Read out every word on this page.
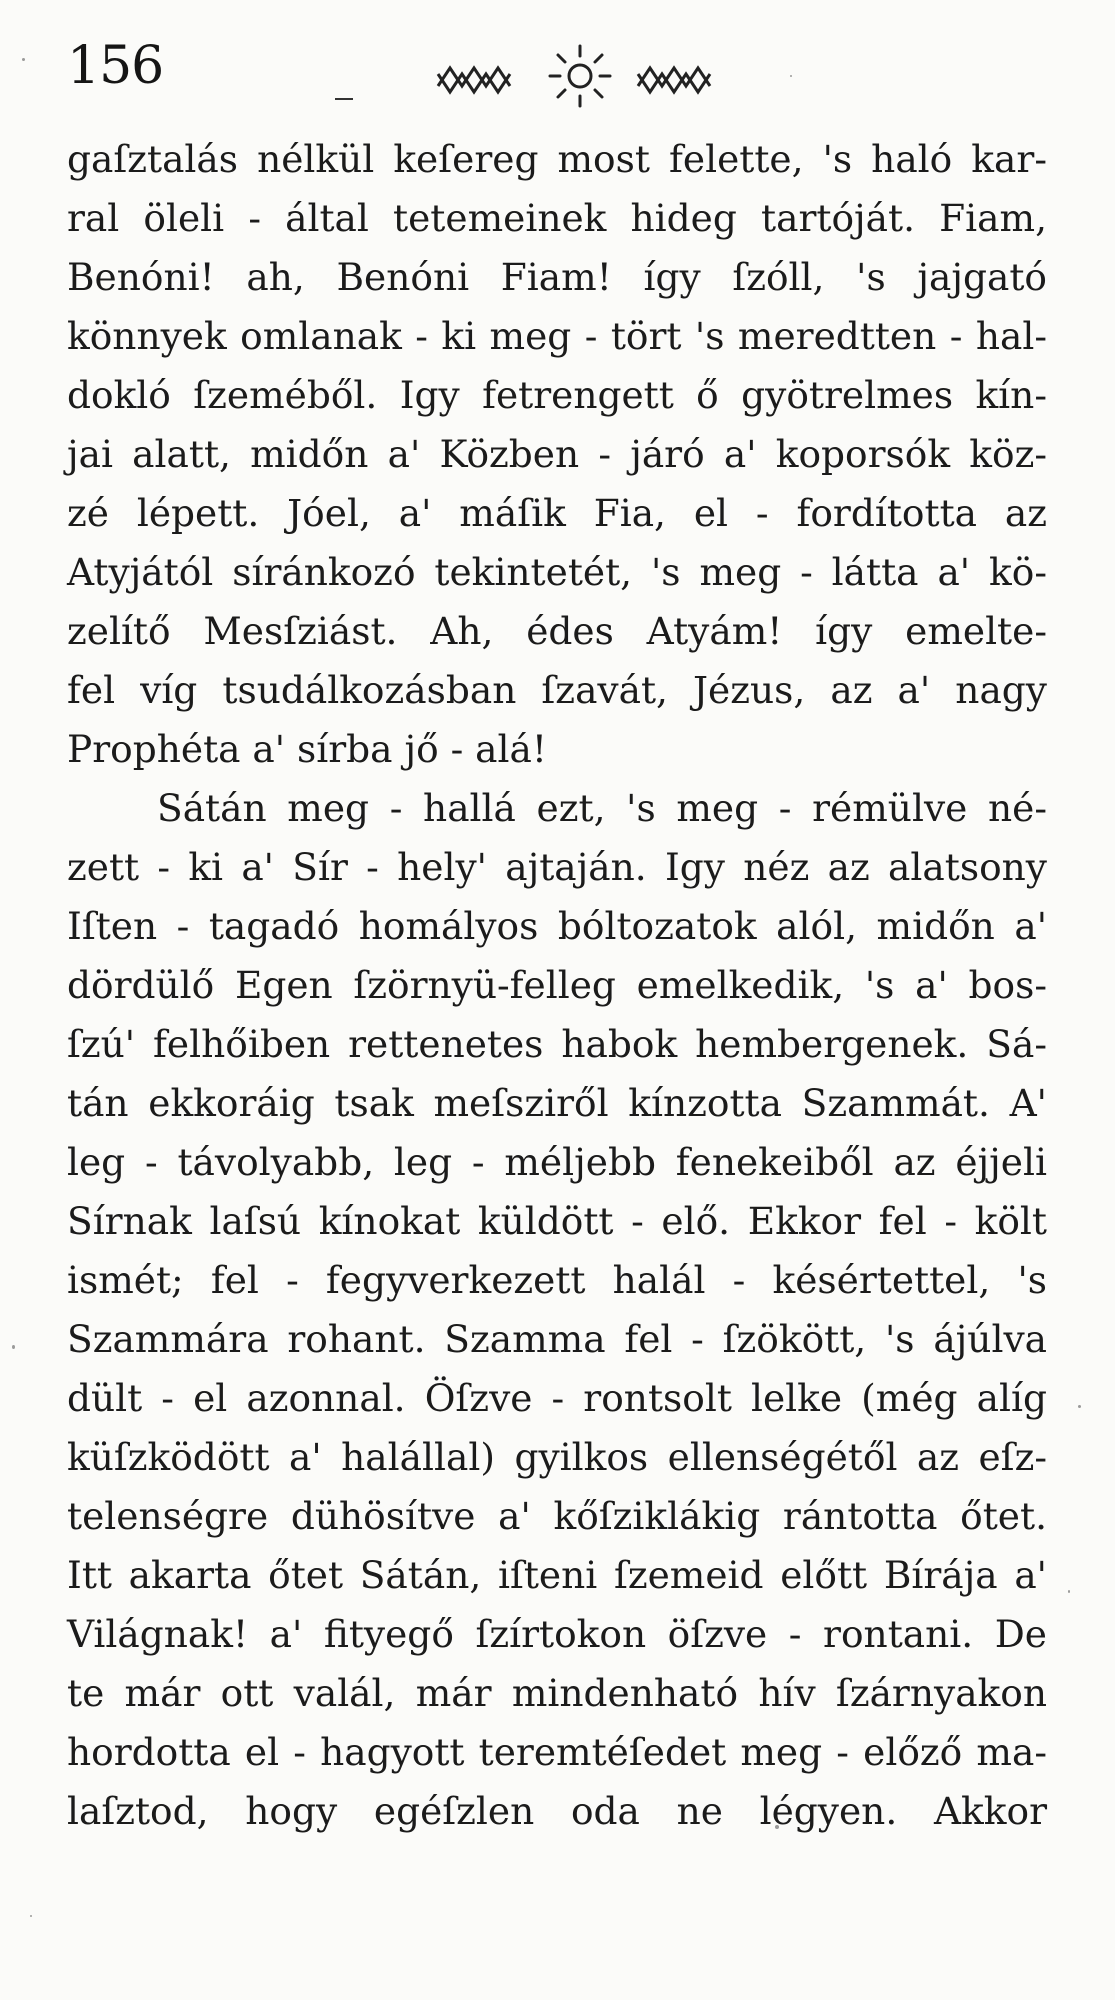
156
gaſztalás nélkül keſereg most felette, 's haló kar-
ral öleli - által tetemeinek hideg tartóját. Fiam,
Benóni! ah, Benóni Fiam! így ſzóll, 's jajgató
könnyek omlanak - ki meg - tört 's meredtten - hal-
dokló ſzeméből. Igy fetrengett ő gyötrelmes kín-
jai alatt, midőn a' Közben - járó a' koporsók köz-
zé lépett. Jóel, a' máſik Fia, el - fordította az
Atyjától síránkozó tekintetét, 's meg - látta a' kö-
zelítő Mesſziást. Ah, édes Atyám! így emelte-
fel víg tsudálkozásban ſzavát, Jézus, az a' nagy
Prophéta a' sírba jő - alá!
Sátán meg - hallá ezt, 's meg - rémülve né-
zett - ki a' Sír - hely' ajtaján. Igy néz az alatsony
Iſten - tagadó homályos bóltozatok alól, midőn a'
dördülő Egen ſzörnyü-felleg emelkedik, 's a' bos-
ſzú' felhőiben rettenetes habok hembergenek. Sá-
tán ekkoráig tsak meſsziről kínzotta Szammát. A'
leg - távolyabb, leg - méljebb fenekeiből az éjjeli
Sírnak laſsú kínokat küldött - elő. Ekkor fel - költ
ismét; fel - fegyverkezett halál - késértettel, 's
Szammára rohant. Szamma fel - ſzökött, 's ájúlva
dült - el azonnal. Öſzve - rontsolt lelke (még alíg
küſzködött a' halállal) gyilkos ellenségétől az eſz-
telenségre dühösítve a' kőſziklákig rántotta őtet.
Itt akarta őtet Sátán, iſteni ſzemeid előtt Bírája a'
Világnak! a' fityegő ſzírtokon öſzve - rontani. De
te már ott valál, már mindenható hív ſzárnyakon
hordotta el - hagyott teremtéſedet meg - előző ma-
laſztod, hogy egéſzlen oda ne légyen. Akkor
